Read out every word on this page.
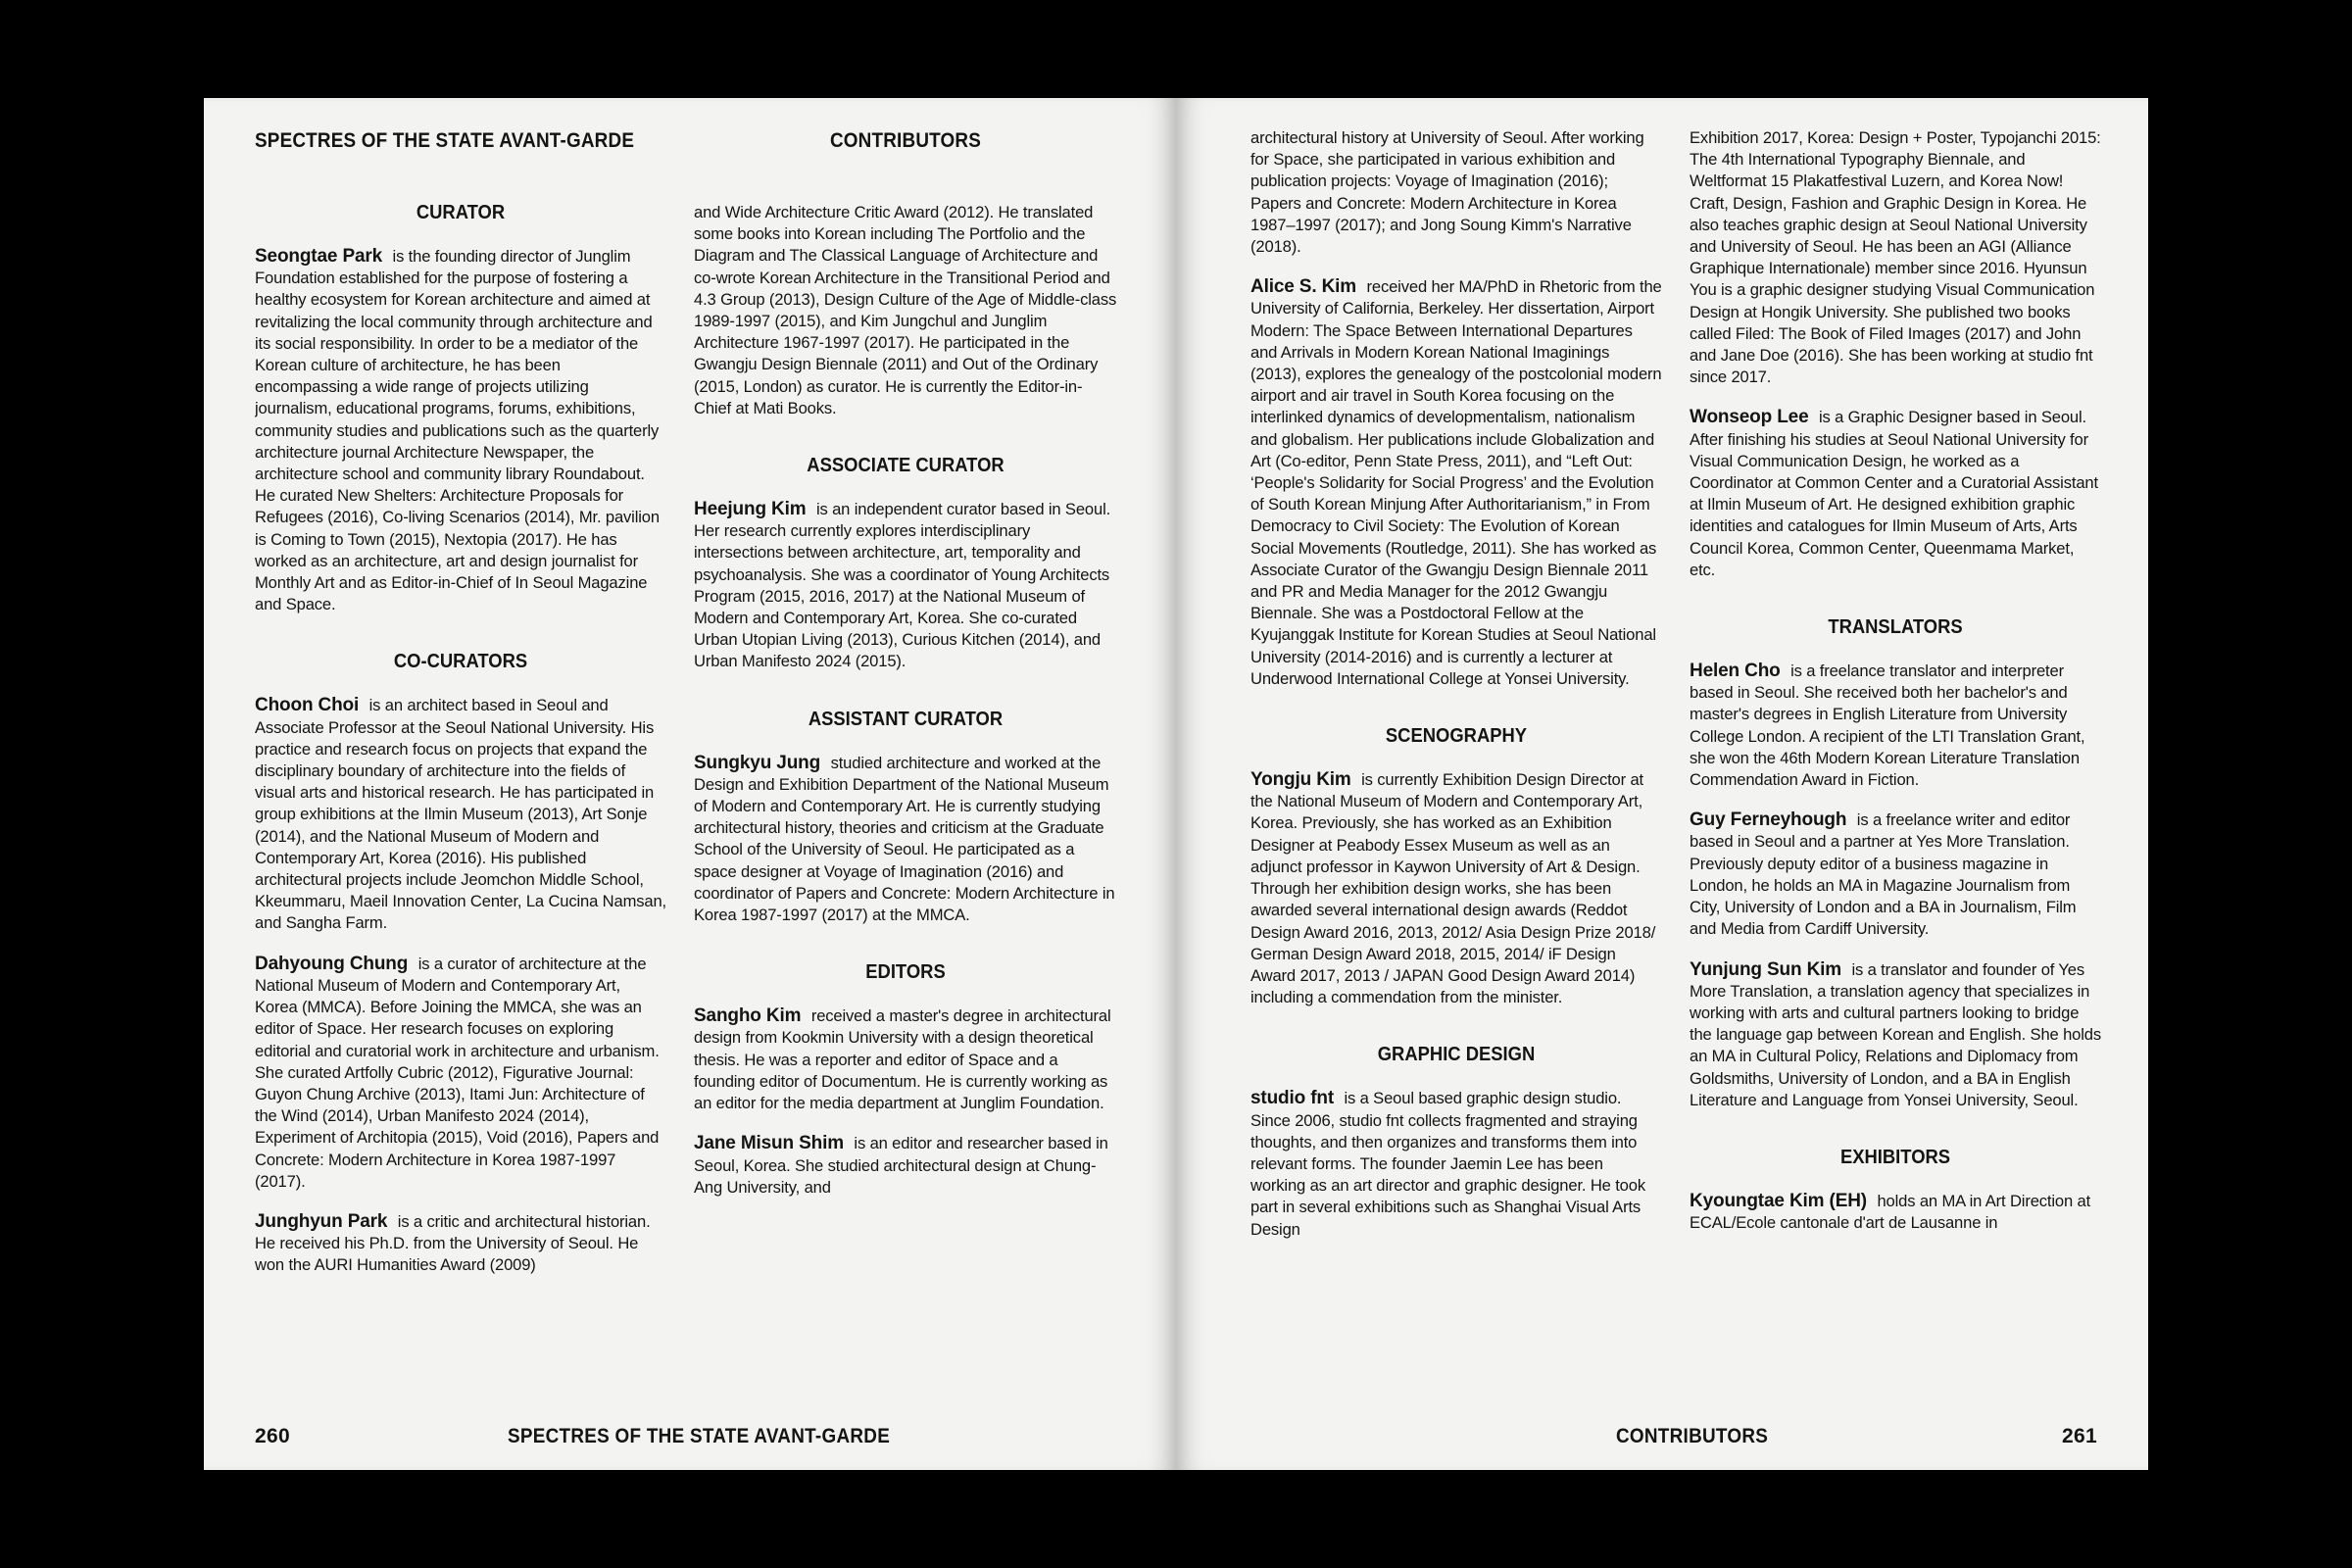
SPECTRES OF THE STATE AVANT-GARDE
CURATOR

Seongtae Park is the founding director of Junglim Foundation established for the purpose of fostering a healthy ecosystem for Korean architecture and aimed at revitalizing the local community through architecture and its social responsibility. In order to be a mediator of the Korean culture of architecture, he has been encompassing a wide range of projects utilizing journalism, educational programs, forums, exhibitions, community studies and publications such as the quarterly architecture journal Architecture Newspaper, the architecture school and community library Roundabout. He curated New Shelters: Architecture Proposals for Refugees (2016), Co-living Scenarios (2014), Mr. pavilion is Coming to Town (2015), Nextopia (2017). He has worked as an architecture, art and design journalist for Monthly Art and as Editor-in-Chief of In Seoul Magazine and Space.

CO-CURATORS

Choon Choi is an architect based in Seoul and Associate Professor at the Seoul National University. His practice and research focus on projects that expand the disciplinary boundary of architecture into the fields of visual arts and historical research. He has participated in group exhibitions at the Ilmin Museum (2013), Art Sonje (2014), and the National Museum of Modern and Contemporary Art, Korea (2016). His published architectural projects include Jeomchon Middle School, Kkeummaru, Maeil Innovation Center, La Cucina Namsan, and Sangha Farm.

Dahyoung Chung is a curator of architecture at the National Museum of Modern and Contemporary Art, Korea (MMCA). Before Joining the MMCA, she was an editor of Space. Her research focuses on exploring editorial and curatorial work in architecture and urbanism. She curated Artfolly Cubric (2012), Figurative Journal: Guyon Chung Archive (2013), Itami Jun: Architecture of the Wind (2014), Urban Manifesto 2024 (2014), Experiment of Architopia (2015), Void (2016), Papers and Concrete: Modern Architecture in Korea 1987-1997 (2017).

Junghyun Park is a critic and architectural historian. He received his Ph.D. from the University of Seoul. He won the AURI Humanities Award (2009)

CONTRIBUTORS

and Wide Architecture Critic Award (2012). He translated some books into Korean including The Portfolio and the Diagram and The Classical Language of Architecture and co-wrote Korean Architecture in the Transitional Period and 4.3 Group (2013), Design Culture of the Age of Middle-class 1989-1997 (2015), and Kim Jungchul and Junglim Architecture 1967-1997 (2017). He participated in the Gwangju Design Biennale (2011) and Out of the Ordinary (2015, London) as curator. He is currently the Editor-in-Chief at Mati Books.

ASSOCIATE CURATOR

Heejung Kim is an independent curator based in Seoul. Her research currently explores interdisciplinary intersections between architecture, art, temporality and psychoanalysis. She was a coordinator of Young Architects Program (2015, 2016, 2017) at the National Museum of Modern and Contemporary Art, Korea. She co-curated Urban Utopian Living (2013), Curious Kitchen (2014), and Urban Manifesto 2024 (2015).

ASSISTANT CURATOR

Sungkyu Jung studied architecture and worked at the Design and Exhibition Department of the National Museum of Modern and Contemporary Art. He is currently studying architectural history, theories and criticism at the Graduate School of the University of Seoul. He participated as a space designer at Voyage of Imagination (2016) and coordinator of Papers and Concrete: Modern Architecture in Korea 1987-1997 (2017) at the MMCA.

EDITORS

Sangho Kim received a master's degree in architectural design from Kookmin University with a design theoretical thesis. He was a reporter and editor of Space and a founding editor of Documentum. He is currently working as an editor for the media department at Junglim Foundation.

Jane Misun Shim is an editor and researcher based in Seoul, Korea. She studied architectural design at Chung-Ang University, and

260	SPECTRES OF THE STATE AVANT-GARDE

architectural history at University of Seoul. After working for Space, she participated in various exhibition and publication projects: Voyage of Imagination (2016); Papers and Concrete: Modern Architecture in Korea 1987–1997 (2017); and Jong Soung Kimm's Narrative (2018).

Alice S. Kim received her MA/PhD in Rhetoric from the University of California, Berkeley. Her dissertation, Airport Modern: The Space Between International Departures and Arrivals in Modern Korean National Imaginings (2013), explores the genealogy of the postcolonial modern airport and air travel in South Korea focusing on the interlinked dynamics of developmentalism, nationalism and globalism. Her publications include Globalization and Art (Co-editor, Penn State Press, 2011), and “Left Out: ‘People's Solidarity for Social Progress’ and the Evolution of South Korean Minjung After Authoritarianism,” in From Democracy to Civil Society: The Evolution of Korean Social Movements (Routledge, 2011). She has worked as Associate Curator of the Gwangju Design Biennale 2011 and PR and Media Manager for the 2012 Gwangju Biennale. She was a Postdoctoral Fellow at the Kyujanggak Institute for Korean Studies at Seoul National University (2014-2016) and is currently a lecturer at Underwood International College at Yonsei University.

SCENOGRAPHY

Yongju Kim is currently Exhibition Design Director at the National Museum of Modern and Contemporary Art, Korea. Previously, she has worked as an Exhibition Designer at Peabody Essex Museum as well as an adjunct professor in Kaywon University of Art & Design. Through her exhibition design works, she has been awarded several international design awards (Reddot Design Award 2016, 2013, 2012/ Asia Design Prize 2018/ German Design Award 2018, 2015, 2014/ iF Design Award 2017, 2013 / JAPAN Good Design Award 2014) including a commendation from the minister.

GRAPHIC DESIGN

studio fnt is a Seoul based graphic design studio. Since 2006, studio fnt collects fragmented and straying thoughts, and then organizes and transforms them into relevant forms. The founder Jaemin Lee has been working as an art director and graphic designer. He took part in several exhibitions such as Shanghai Visual Arts Design

Exhibition 2017, Korea: Design + Poster, Typojanchi 2015: The 4th International Typography Biennale, and Weltformat 15 Plakatfestival Luzern, and Korea Now! Craft, Design, Fashion and Graphic Design in Korea. He also teaches graphic design at Seoul National University and University of Seoul. He has been an AGI (Alliance Graphique Internationale) member since 2016. Hyunsun You is a graphic designer studying Visual Communication Design at Hongik University. She published two books called Filed: The Book of Filed Images (2017) and John and Jane Doe (2016). She has been working at studio fnt since 2017.

Wonseop Lee is a Graphic Designer based in Seoul. After finishing his studies at Seoul National University for Visual Communication Design, he worked as a Coordinator at Common Center and a Curatorial Assistant at Ilmin Museum of Art. He designed exhibition graphic identities and catalogues for Ilmin Museum of Arts, Arts Council Korea, Common Center, Queenmama Market, etc.

TRANSLATORS

Helen Cho is a freelance translator and interpreter based in Seoul. She received both her bachelor's and master's degrees in English Literature from University College London. A recipient of the LTI Translation Grant, she won the 46th Modern Korean Literature Translation Commendation Award in Fiction.

Guy Ferneyhough is a freelance writer and editor based in Seoul and a partner at Yes More Translation. Previously deputy editor of a business magazine in London, he holds an MA in Magazine Journalism from City, University of London and a BA in Journalism, Film and Media from Cardiff University.

Yunjung Sun Kim is a translator and founder of Yes More Translation, a translation agency that specializes in working with arts and cultural partners looking to bridge the language gap between Korean and English. She holds an MA in Cultural Policy, Relations and Diplomacy from Goldsmiths, University of London, and a BA in English Literature and Language from Yonsei University, Seoul.

EXHIBITORS

Kyoungtae Kim (EH) holds an MA in Art Direction at ECAL/Ecole cantonale d'art de Lausanne in

CONTRIBUTORS	261
